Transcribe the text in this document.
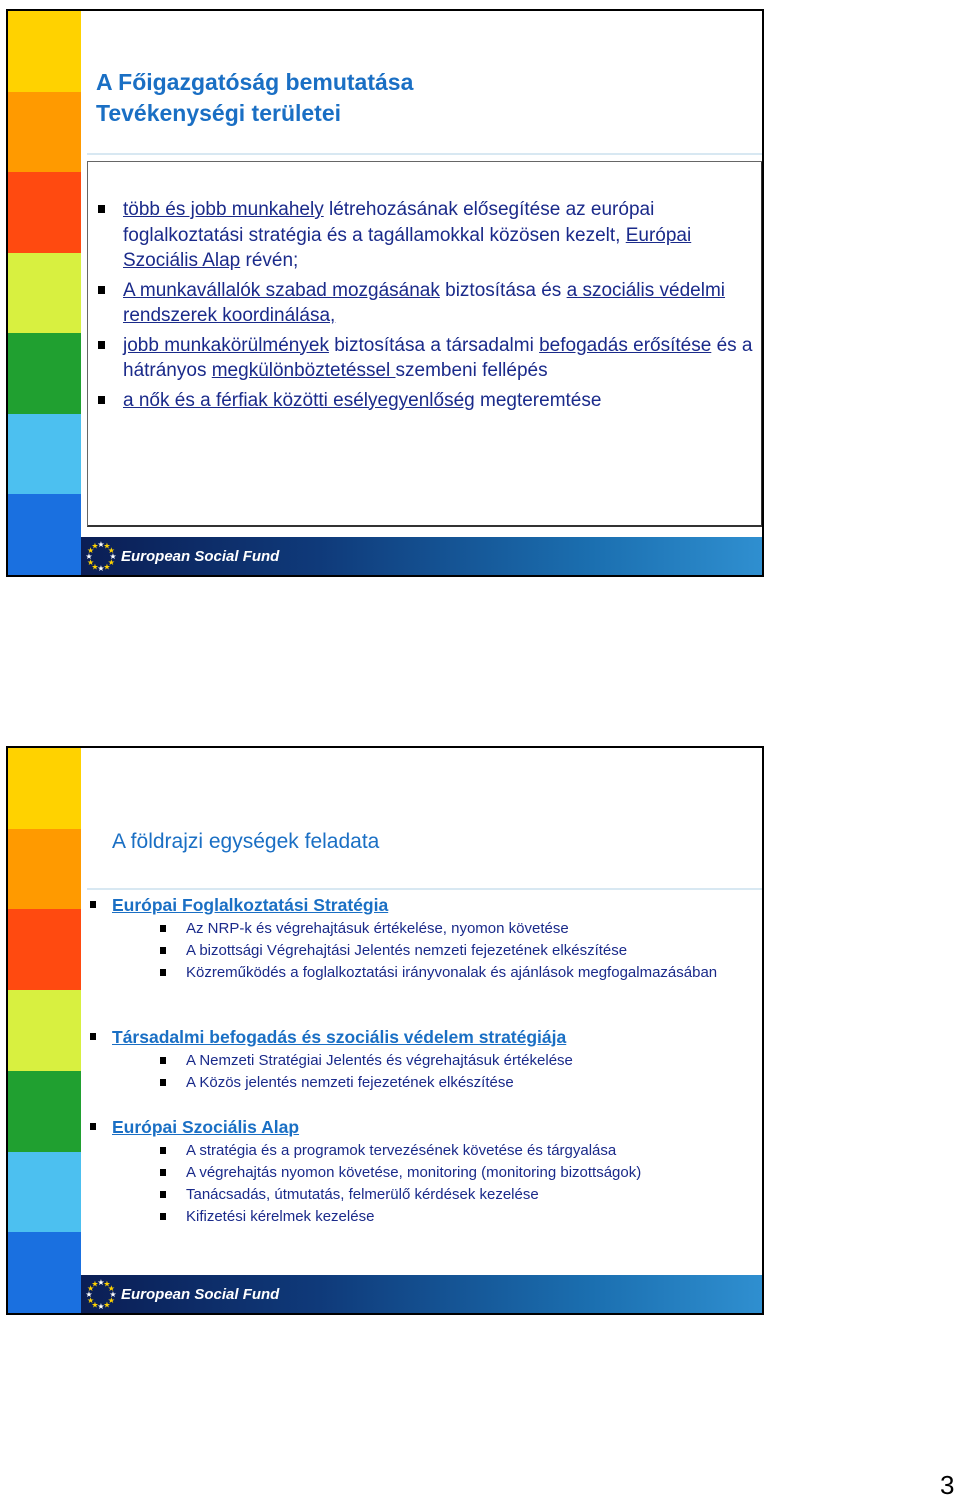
A Főigazgatóság bemutatása
Tevékenységi területei
több és jobb munkahely létrehozásának elősegítése az európai foglalkoztatási stratégia és a tagállamokkal közösen kezelt, Európai Szociális Alap révén;
A munkavállalók szabad mozgásának biztosítása és a szociális védelmi rendszerek koordinálása,
jobb munkakörülmények biztosítása a társadalmi befogadás erősítése és a hátrányos megkülönböztetéssel szembeni fellépés
a nők és a férfiak közötti esélyegyenlőség megteremtése
★
★
★
★
★
★
★
★
★
★
★
★ European Social Fund
A földrajzi egységek feladata
Európai Foglalkoztatási Stratégia
Az NRP-k és végrehajtásuk értékelése, nyomon követése
A bizottsági Végrehajtási Jelentés nemzeti fejezetének elkészítése
Közreműködés a foglalkoztatási irányvonalak és ajánlások megfogalmazásában
Társadalmi befogadás és szociális védelem stratégiája
A Nemzeti Stratégiai Jelentés és végrehajtásuk értékelése
A Közös jelentés nemzeti fejezetének elkészítése
Európai Szociális Alap
A stratégia és a programok tervezésének követése és tárgyalása
A végrehajtás nyomon követése, monitoring (monitoring bizottságok)
Tanácsadás, útmutatás, felmerülő kérdések kezelése
Kifizetési kérelmek kezelése
★
★
★
★
★
★
★
★
★
★
★
★ European Social Fund
3
